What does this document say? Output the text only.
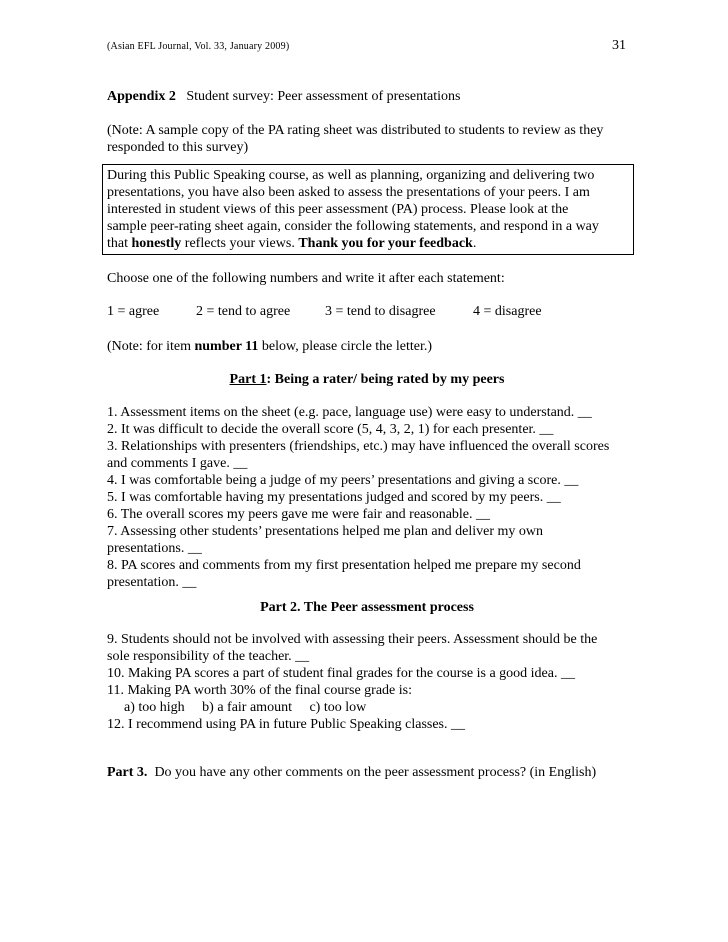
(Asian EFL Journal, Vol. 33, January 2009)	31
Appendix 2 Student survey: Peer assessment of presentations
(Note: A sample copy of the PA rating sheet was distributed to students to review as they
responded to this survey)
During this Public Speaking course, as well as planning, organizing and delivering two
presentations, you have also been asked to assess the presentations of your peers. I am
interested in student views of this peer assessment (PA) process. Please look at the
sample peer-rating sheet again, consider the following statements, and respond in a way
that honestly reflects your views. Thank you for your feedback.
Choose one of the following numbers and write it after each statement:
1 = agree	2 = tend to agree 3 = tend to disagree	4 = disagree
(Note: for item number 11 below, please circle the letter.)
Part 1: Being a rater/ being rated by my peers
1. Assessment items on the sheet (e.g. pace, language use) were easy to understand. __
2. It was difficult to decide the overall score (5, 4, 3, 2, 1) for each presenter. __
3. Relationships with presenters (friendships, etc.) may have influenced the overall scores
and comments I gave. __
4. I was comfortable being a judge of my peers’ presentations and giving a score. __
5. I was comfortable having my presentations judged and scored by my peers. __
6. The overall scores my peers gave me were fair and reasonable. __
7. Assessing other students’ presentations helped me plan and deliver my own
presentations. __
8. PA scores and comments from my first presentation helped me prepare my second
presentation. __
Part 2. The Peer assessment process
9. Students should not be involved with assessing their peers. Assessment should be the
sole responsibility of the teacher. __
10. Making PA scores a part of student final grades for the course is a good idea. __
11. Making PA worth 30% of the final course grade is:
a) too high     b) a fair amount     c) too low
12. I recommend using PA in future Public Speaking classes. __
Part 3.  Do you have any other comments on the peer assessment process? (in English)
